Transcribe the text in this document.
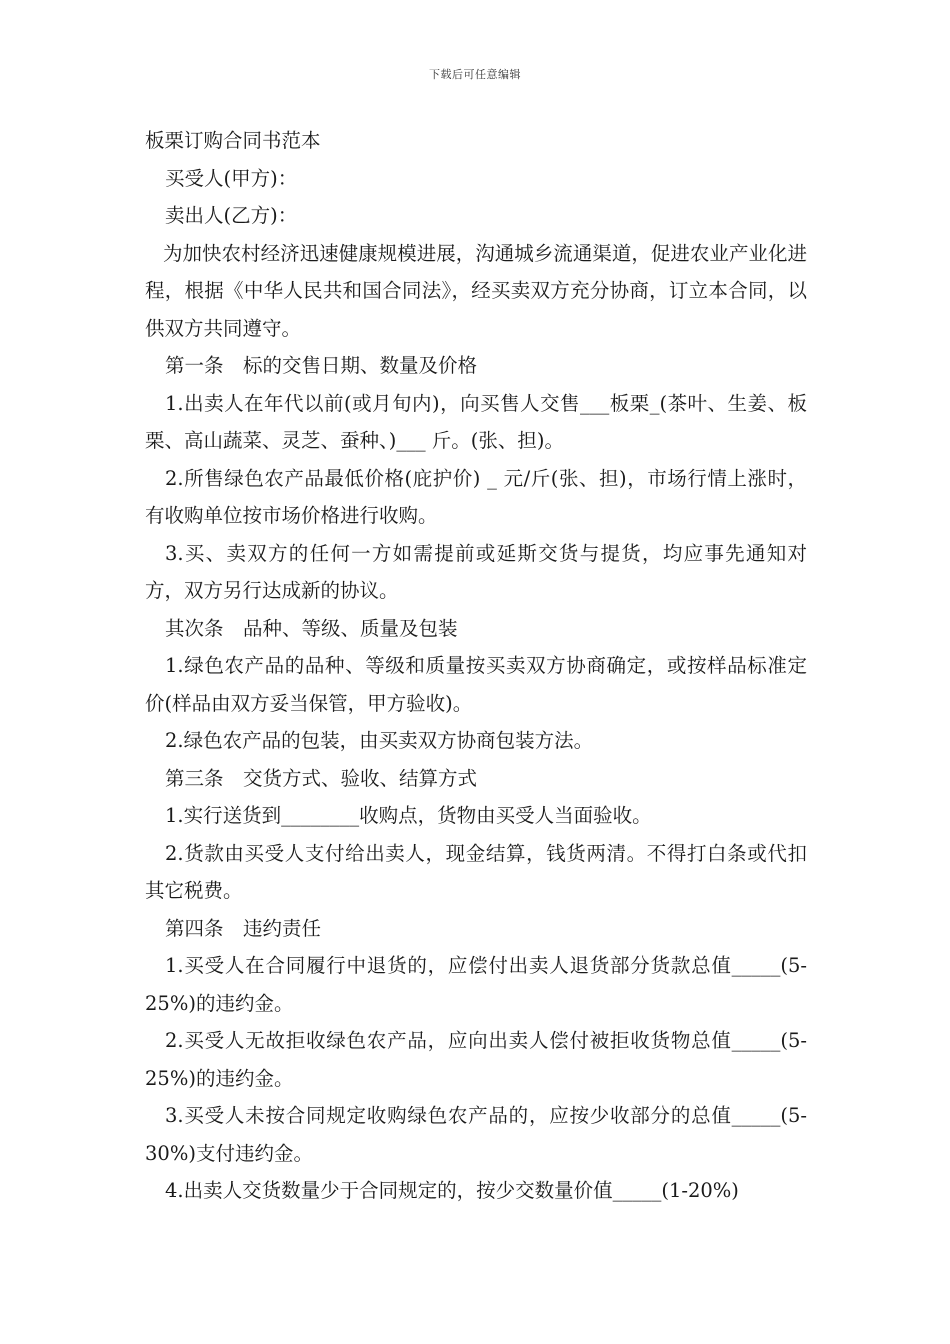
下载后可任意编辑

板栗订购合同书范本

买受人(甲方)：

卖出人(乙方)：

为加快农村经济迅速健康规模进展，沟通城乡流通渠道，促进农业产业化进程，根据《中华人民共和国合同法》，经买卖双方充分协商，订立本合同，以供双方共同遵守。

第一条　标的交售日期、数量及价格

1.出卖人在年代以前(或月旬内)，向买售人交售___板栗_(茶叶、生姜、板栗、高山蔬菜、灵芝、蚕种、)___ 斤。(张、担)。

2.所售绿色农产品最低价格(庇护价) _ 元/斤(张、担)，市场行情上涨时，有收购单位按市场价格进行收购。

3.买、卖双方的任何一方如需提前或延斯交货与提货，均应事先通知对方，双方另行达成新的协议。

其次条　品种、等级、质量及包装

1.绿色农产品的品种、等级和质量按买卖双方协商确定，或按样品标准定价(样品由双方妥当保管，甲方验收)。

2.绿色农产品的包装，由买卖双方协商包装方法。

第三条　交货方式、验收、结算方式

1.实行送货到________收购点，货物由买受人当面验收。

2.货款由买受人支付给出卖人，现金结算，钱货两清。不得打白条或代扣其它税费。

第四条　违约责任

1.买受人在合同履行中退货的，应偿付出卖人退货部分货款总值_____(5-25%)的违约金。

2.买受人无故拒收绿色农产品，应向出卖人偿付被拒收货物总值_____(5-25%)的违约金。

3.买受人未按合同规定收购绿色农产品的，应按少收部分的总值_____(5- 30%)支付违约金。

4.出卖人交货数量少于合同规定的，按少交数量价值_____(1-20%)
